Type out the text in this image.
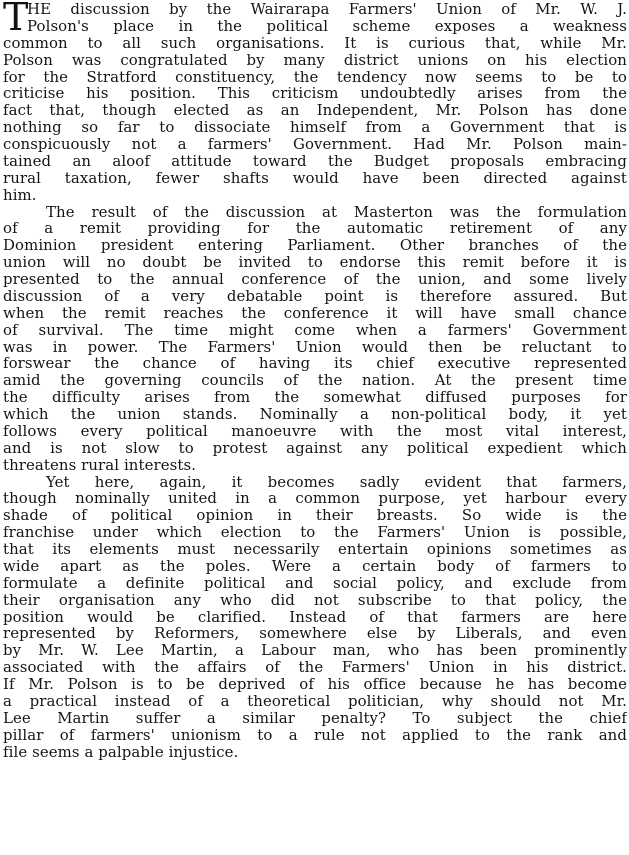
T
HE discussion by the Wairarapa Farmers' Union of Mr. W. J.
Polson's place in the political scheme exposes a weakness
common to all such organisations. It is curious that, while Mr.
Polson was congratulated by many district unions on his election
for the Stratford constituency, the tendency now seems to be to
criticise his position. This criticism undoubtedly arises from the
fact that, though elected as an Independent, Mr. Polson has done
nothing so far to dissociate himself from a Government that is
conspicuously not a farmers' Government. Had Mr. Polson main-
tained an aloof attitude toward the Budget proposals embracing
rural taxation, fewer shafts would have been directed against
him.
The result of the discussion at Masterton was the formulation
of a remit providing for the automatic retirement of any
Dominion president entering Parliament. Other branches of the
union will no doubt be invited to endorse this remit before it is
presented to the annual conference of the union, and some lively
discussion of a very debatable point is therefore assured. But
when the remit reaches the conference it will have small chance
of survival. The time might come when a farmers' Government
was in power. The Farmers' Union would then be reluctant to
forswear the chance of having its chief executive represented
amid the governing councils of the nation. At the present time
the difficulty arises from the somewhat diffused purposes for
which the union stands. Nominally a non-political body, it yet
follows every political manoeuvre with the most vital interest,
and is not slow to protest against any political expedient which
threatens rural interests.
Yet here, again, it becomes sadly evident that farmers,
though nominally united in a common purpose, yet harbour every
shade of political opinion in their breasts. So wide is the
franchise under which election to the Farmers' Union is possible,
that its elements must necessarily entertain opinions sometimes as
wide apart as the poles. Were a certain body of farmers to
formulate a definite political and social policy, and exclude from
their organisation any who did not subscribe to that policy, the
position would be clarified. Instead of that farmers are here
represented by Reformers, somewhere else by Liberals, and even
by Mr. W. Lee Martin, a Labour man, who has been prominently
associated with the affairs of the Farmers' Union in his district.
If Mr. Polson is to be deprived of his office because he has become
a practical instead of a theoretical politician, why should not Mr.
Lee Martin suffer a similar penalty? To subject the chief
pillar of farmers' unionism to a rule not applied to the rank and
file seems a palpable injustice.
